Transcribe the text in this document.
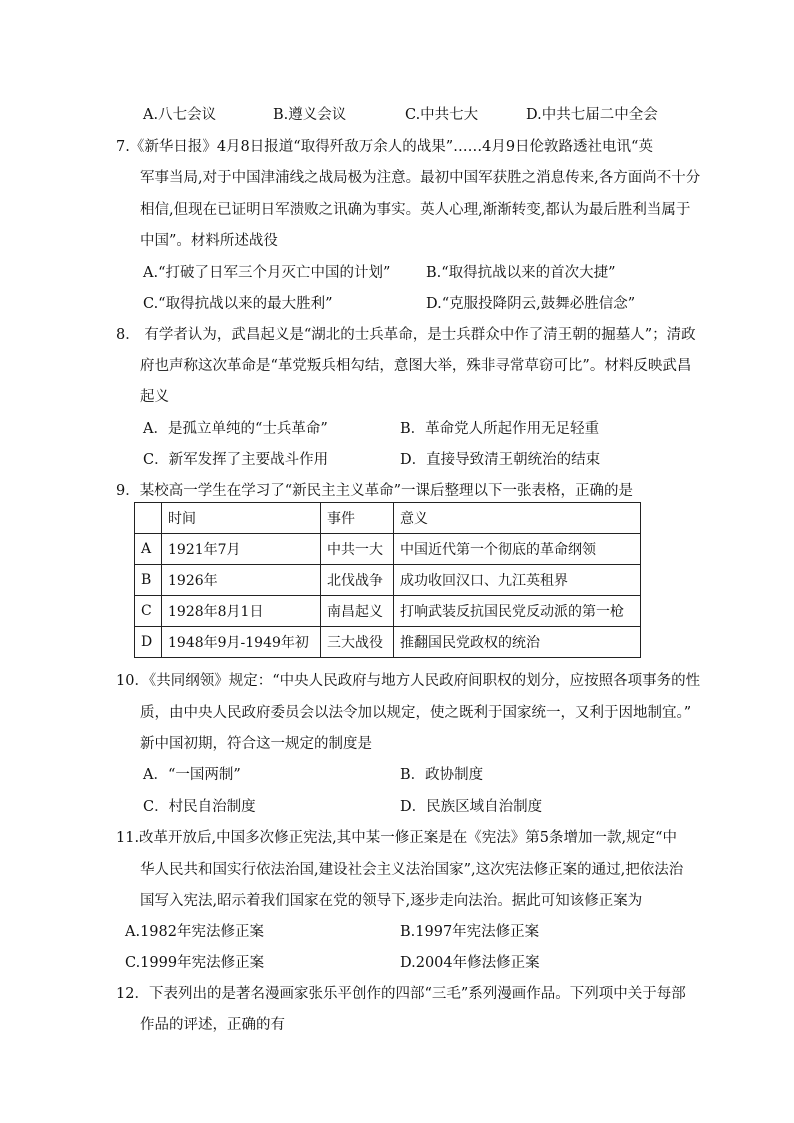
A.八七会议	B.遵义会议	C.中共七大	D.中共七届二中全会
7.《新华日报》4月8日报道“取得歼敌万余人的战果”……4月9日伦敦路透社电讯“英
军事当局,对于中国津浦线之战局极为注意。最初中国军获胜之消息传来,各方面尚不十分
相信,但现在已证明日军溃败之讯确为事实。英人心理,渐渐转变,都认为最后胜利当属于
中国”。材料所述战役
A.“打破了日军三个月灭亡中国的计划” B.“取得抗战以来的首次大捷”
C.“取得抗战以来的最大胜利”	D.“克服投降阴云,鼓舞必胜信念”
8． 有学者认为，武昌起义是“湖北的士兵革命，是士兵群众中作了清王朝的掘墓人”；清政
府也声称这次革命是“革党叛兵相勾结，意图大举，殊非寻常草窃可比”。材料反映武昌
起义
A．是孤立单纯的“士兵革命”	B．革命党人所起作用无足轻重
C．新军发挥了主要战斗作用	D．直接导致清王朝统治的结束
9．某校高一学生在学习了“新民主主义革命”一课后整理以下一张表格，正确的是
	时间	事件	意义
A	1921年7月	中共一大	中国近代第一个彻底的革命纲领
B	1926年	北伐战争	成功收回汉口、九江英租界
C	1928年8月1日	南昌起义	打响武装反抗国民党反动派的第一枪
D	1948年9月-1949年初	三大战役	推翻国民党政权的统治
10．《共同纲领》规定：“中央人民政府与地方人民政府间职权的划分，应按照各项事务的性
质，由中央人民政府委员会以法令加以规定，使之既利于国家统一，又利于因地制宜。”
新中国初期，符合这一规定的制度是
A．“一国两制”	B．政协制度
C．村民自治制度	D．民族区域自治制度
11.改革开放后,中国多次修正宪法,其中某一修正案是在《宪法》第5条增加一款,规定“中
华人民共和国实行依法治国,建设社会主义法治国家”,这次宪法修正案的通过,把依法治
国写入宪法,昭示着我们国家在党的领导下,逐步走向法治。据此可知该修正案为
A.1982年宪法修正案	B.1997年宪法修正案
C.1999年宪法修正案	D.2004年修法修正案
12．下表列出的是著名漫画家张乐平创作的四部“三毛”系列漫画作品。下列项中关于每部
作品的评述，正确的有
